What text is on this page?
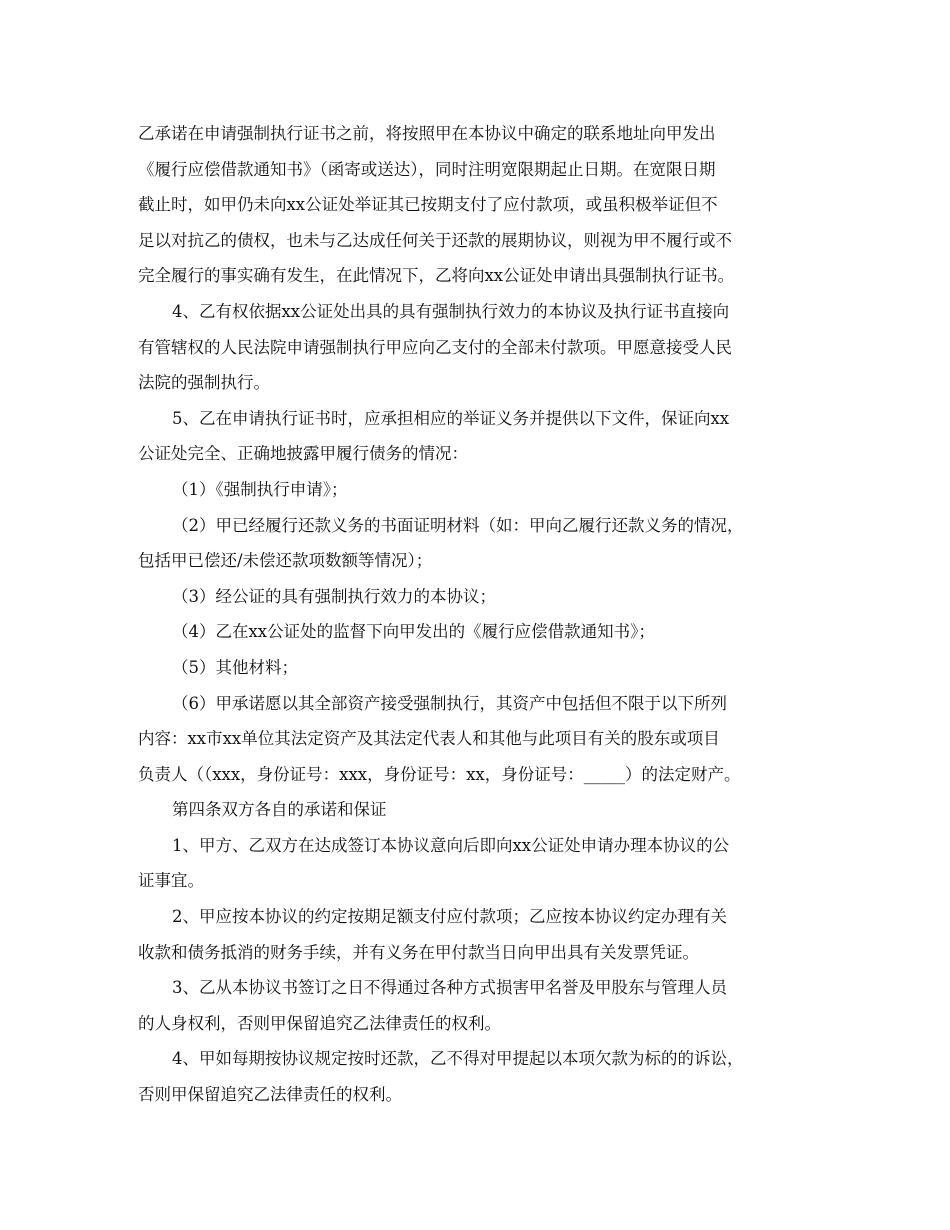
乙承诺在申请强制执行证书之前，将按照甲在本协议中确定的联系地址向甲发出
《履行应偿借款通知书》（函寄或送达），同时注明宽限期起止日期。在宽限日期
截止时，如甲仍未向xx公证处举证其已按期支付了应付款项，或虽积极举证但不
足以对抗乙的债权，也未与乙达成任何关于还款的展期协议，则视为甲不履行或不
完全履行的事实确有发生，在此情况下，乙将向xx公证处申请出具强制执行证书。
4、乙有权依据xx公证处出具的具有强制执行效力的本协议及执行证书直接向
有管辖权的人民法院申请强制执行甲应向乙支付的全部未付款项。甲愿意接受人民
法院的强制执行。
5、乙在申请执行证书时，应承担相应的举证义务并提供以下文件，保证向xx
公证处完全、正确地披露甲履行债务的情况：
（1）《强制执行申请》；
（2）甲已经履行还款义务的书面证明材料（如：甲向乙履行还款义务的情况，
包括甲已偿还/未偿还款项数额等情况）；
（3）经公证的具有强制执行效力的本协议；
（4）乙在xx公证处的监督下向甲发出的《履行应偿借款通知书》；
（5）其他材料；
（6）甲承诺愿以其全部资产接受强制执行，其资产中包括但不限于以下所列
内容：xx市xx单位其法定资产及其法定代表人和其他与此项目有关的股东或项目
负责人（（xxx，身份证号：xxx，身份证号：xx，身份证号：_____）的法定财产。
第四条双方各自的承诺和保证
1、甲方、乙双方在达成签订本协议意向后即向xx公证处申请办理本协议的公
证事宜。
2、甲应按本协议的约定按期足额支付应付款项；乙应按本协议约定办理有关
收款和债务抵消的财务手续，并有义务在甲付款当日向甲出具有关发票凭证。
3、乙从本协议书签订之日不得通过各种方式损害甲名誉及甲股东与管理人员
的人身权利，否则甲保留追究乙法律责任的权利。
4、甲如每期按协议规定按时还款，乙不得对甲提起以本项欠款为标的的诉讼，
否则甲保留追究乙法律责任的权利。
